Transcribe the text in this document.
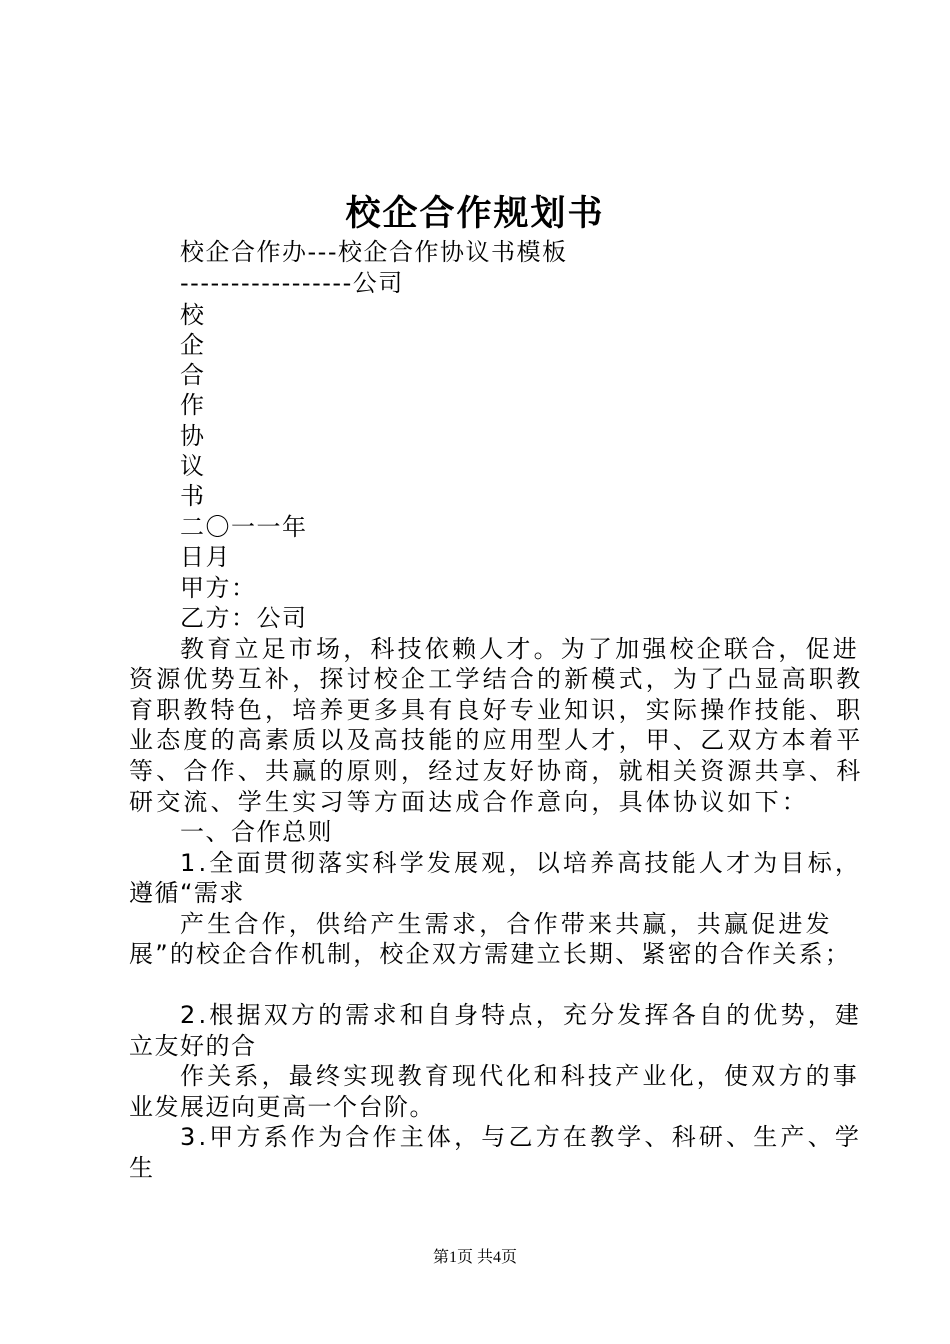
校企合作规划书
校企合作办---校企合作协议书模板
-----------------公司
校
企
合
作
协
议
书
二〇一一年
日月
甲方：
乙方：公司
教育立足市场，科技依赖人才。为了加强校企联合，促进
资源优势互补，探讨校企工学结合的新模式，为了凸显高职教
育职教特色，培养更多具有良好专业知识，实际操作技能、职
业态度的高素质以及高技能的应用型人才，甲、乙双方本着平
等、合作、共赢的原则，经过友好协商，就相关资源共享、科
研交流、学生实习等方面达成合作意向，具体协议如下：
一、合作总则
1.全面贯彻落实科学发展观，以培养高技能人才为目标，
遵循“需求
产生合作，供给产生需求，合作带来共赢，共赢促进发
展”的校企合作机制，校企双方需建立长期、紧密的合作关系；
2.根据双方的需求和自身特点，充分发挥各自的优势，建
立友好的合
作关系，最终实现教育现代化和科技产业化，使双方的事
业发展迈向更高一个台阶。
3.甲方系作为合作主体，与乙方在教学、科研、生产、学
生
第1页 共4页
